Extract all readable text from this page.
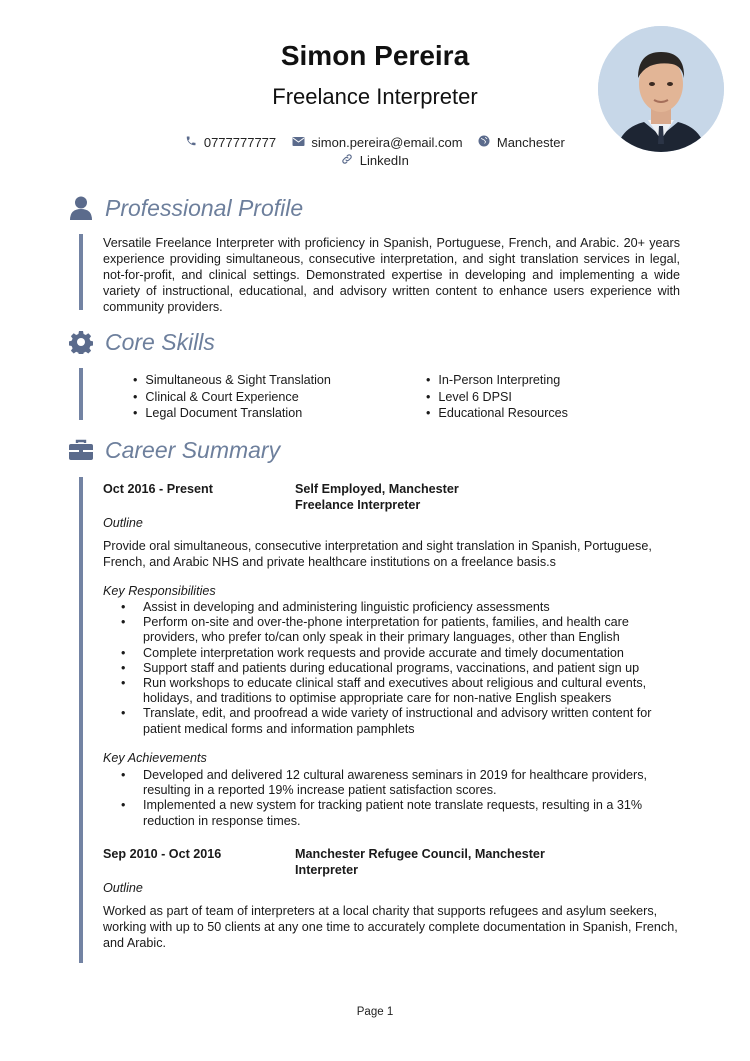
Simon Pereira
Freelance Interpreter
0777777777	simon.pereira@email.com	Manchester
LinkedIn
Professional Profile
Versatile Freelance Interpreter with proficiency in Spanish, Portuguese, French, and Arabic. 20+ years experience providing simultaneous, consecutive interpretation, and sight translation services in legal, not-for-profit, and clinical settings. Demonstrated expertise in developing and implementing a wide variety of instructional, educational, and advisory written content to enhance users experience with community providers.
Core Skills
• Simultaneous & Sight Translation
• Clinical & Court Experience
• Legal Document Translation
• In-Person Interpreting
• Level 6 DPSI
• Educational Resources
Career Summary
Oct 2016 - Present	Self Employed, Manchester
Freelance Interpreter
Outline
Provide oral simultaneous, consecutive interpretation and sight translation in Spanish, Portuguese, French, and Arabic NHS and private healthcare institutions on a freelance basis.s
Key Responsibilities
• Assist in developing and administering linguistic proficiency assessments
• Perform on-site and over-the-phone interpretation for patients, families, and health care providers, who prefer to/can only speak in their primary languages, other than English
• Complete interpretation work requests and provide accurate and timely documentation
• Support staff and patients during educational programs, vaccinations, and patient sign up
• Run workshops to educate clinical staff and executives about religious and cultural events, holidays, and traditions to optimise appropriate care for non-native English speakers
• Translate, edit, and proofread a wide variety of instructional and advisory written content for patient medical forms and information pamphlets
Key Achievements
• Developed and delivered 12 cultural awareness seminars in 2019 for healthcare providers, resulting in a reported 19% increase patient satisfaction scores.
• Implemented a new system for tracking patient note translate requests, resulting in a 31% reduction in response times.
Sep 2010 - Oct 2016	Manchester Refugee Council, Manchester
Interpreter
Outline
Worked as part of team of interpreters at a local charity that supports refugees and asylum seekers, working with up to 50 clients at any one time to accurately complete documentation in Spanish, French, and Arabic.
Page 1
